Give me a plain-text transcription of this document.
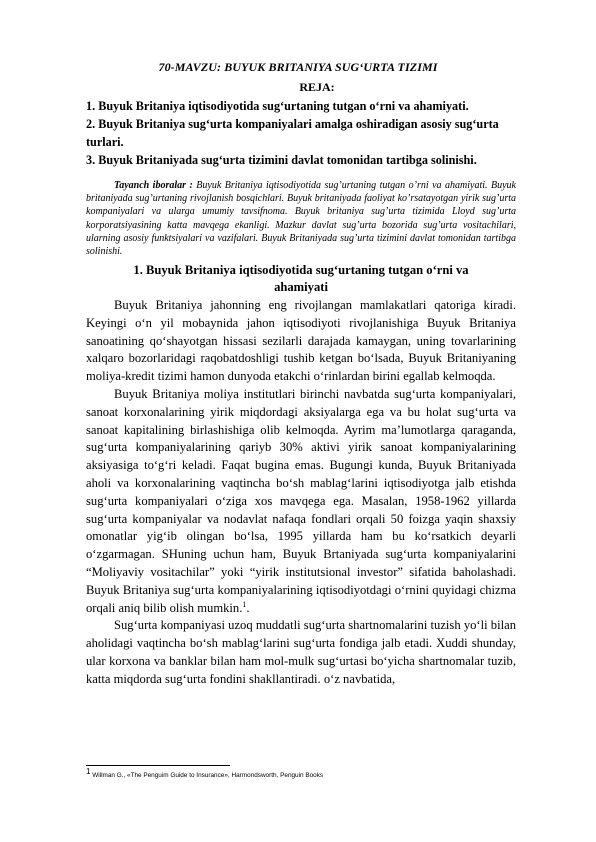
70-MAVZU: BUYUK BRITANIYA SUG‘URTA TIZIMI
REJA:

1. Buyuk Britaniya iqtisodiyotida sug‘urtaning tutgan o‘rni va ahamiyati.

2. Buyuk Britaniya sug‘urta kompaniyalari amalga oshiradigan asosiy sug‘urta turlari.

3. Buyuk Britaniyada sug‘urta tizimini davlat tomonidan tartibga solinishi.

Tayanch iboralar : Buyuk Britaniya iqtisodiyotida sug’urtaning tutgan o’rni va ahamiyati. Buyuk britaniyada sug’urtaning rivojlanish bosqichlari. Buyuk britaniyada faoliyat ko’rsatayotgan yirik sug’urta kompaniyalari va ularga umumiy tavsifnoma. Buyuk britaniya sug’urta tizimida Lloyd sug’urta korporatsiyasining katta mavqega ekanligi. Mazkur davlat sug’urta bozorida sug’urta vositachilari, ularning asosiy funktsiyalari va vazifalari. Buyuk Britaniyada sug’urta tizimini davlat tomonidan tartibga solinishi.
1. Buyuk Britaniya iqtisodiyotida sug‘urtaning tutgan o‘rni va
ahamiyati

Buyuk Britaniya jahonning eng rivojlangan mamlakatlari qatoriga kiradi. Keyingi o‘n yil mobaynida jahon iqtisodiyoti rivojlanishiga Buyuk Britaniya sanoatining qo‘shayotgan hissasi sezilarli darajada kamaygan, uning tovarlarining xalqaro bozorlaridagi raqobatdoshligi tushib ketgan bo‘lsada, Buyuk Britaniyaning moliya-kredit tizimi hamon dunyoda etakchi o‘rinlardan birini egallab kelmoqda.

Buyuk Britaniya moliya institutlari birinchi navbatda sug‘urta kompaniyalari, sanoat korxonalarining yirik miqdordagi aksiyalarga ega va bu holat sug‘urta va sanoat kapitalining birlashishiga olib kelmoqda. Ayrim ma’lumotlarga qaraganda, sug‘urta kompaniyalarining qariyb 30% aktivi yirik sanoat kompaniyalarining aksiyasiga to‘g‘ri keladi. Faqat bugina emas. Bugungi kunda, Buyuk Britaniyada aholi va korxonalarining vaqtincha bo‘sh mablag‘larini iqtisodiyotga jalb etishda sug‘urta kompaniyalari o‘ziga xos mavqega ega. Masalan, 1958-1962 yillarda sug‘urta kompaniyalar va nodavlat nafaqa fondlari orqali 50 foizga yaqin shaxsiy omonatlar yig‘ib olingan bo‘lsa, 1995 yillarda ham bu ko‘rsatkich deyarli o‘zgarmagan. SHuning uchun ham, Buyuk Brtaniyada sug‘urta kompaniyalarini “Moliyaviy vositachilar” yoki “yirik institutsional investor” sifatida baholashadi. Buyuk Britaniya sug‘urta kompaniyalarining iqtisodiyotdagi o‘rnini quyidagi chizma orqali aniq bilib olish mumkin.$^1$.

Sug‘urta kompaniyasi uzoq muddatli sug‘urta shartnomalarini tuzish yo‘li bilan aholidagi vaqtincha bo‘sh mablag‘larini sug‘urta fondiga jalb etadi. Xuddi shunday, ular korxona va banklar bilan ham mol-mulk sug‘urtasi bo‘yicha shartnomalar tuzib, katta miqdorda sug‘urta fondini shakllantiradi. o‘z navbatida,

$^1$ Willman G., «The Penguim Guide to Insurance», Harmondsworth, Penguin Books
